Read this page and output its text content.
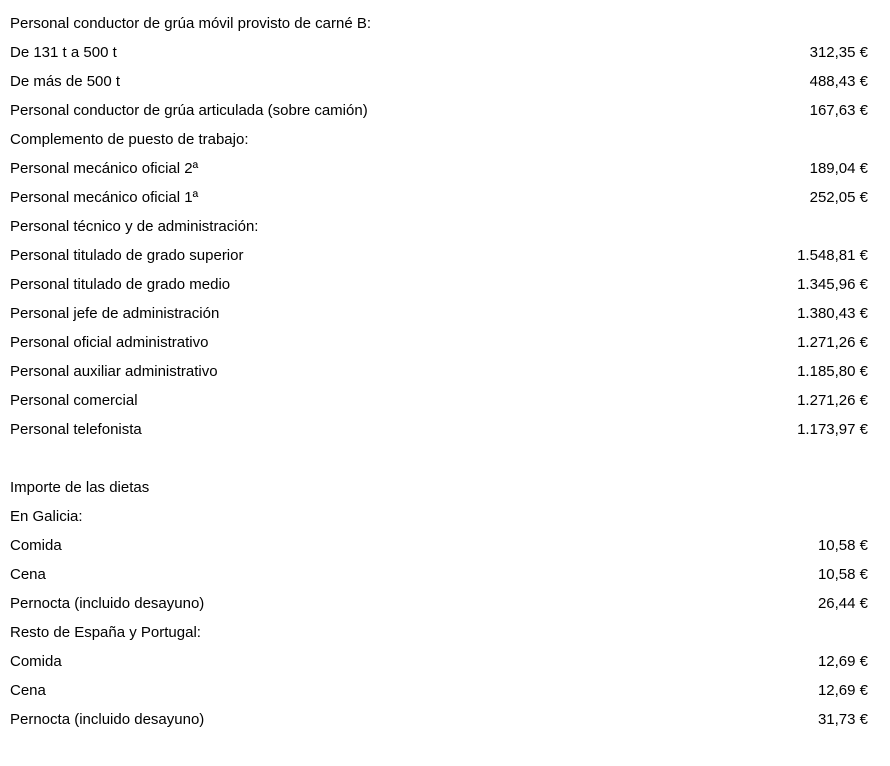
Personal conductor de grúa móvil provisto de carné B:
De 131 t a 500 t	312,35 €
De más de 500 t	488,43 €
Personal conductor de grúa articulada (sobre camión)	167,63 €
Complemento de puesto de trabajo:
Personal mecánico oficial 2ª	189,04 €
Personal mecánico oficial 1ª	252,05 €
Personal técnico y de administración:
Personal titulado de grado superior	1.548,81 €
Personal titulado de grado medio	1.345,96 €
Personal jefe de administración	1.380,43 €
Personal oficial administrativo	1.271,26 €
Personal auxiliar administrativo	1.185,80 €
Personal comercial	1.271,26 €
Personal telefonista	1.173,97 €
Importe de las dietas
En Galicia:
Comida	10,58 €
Cena	10,58 €
Pernocta (incluido desayuno)	26,44 €
Resto de España y Portugal:
Comida	12,69 €
Cena	12,69 €
Pernocta (incluido desayuno)	31,73 €
